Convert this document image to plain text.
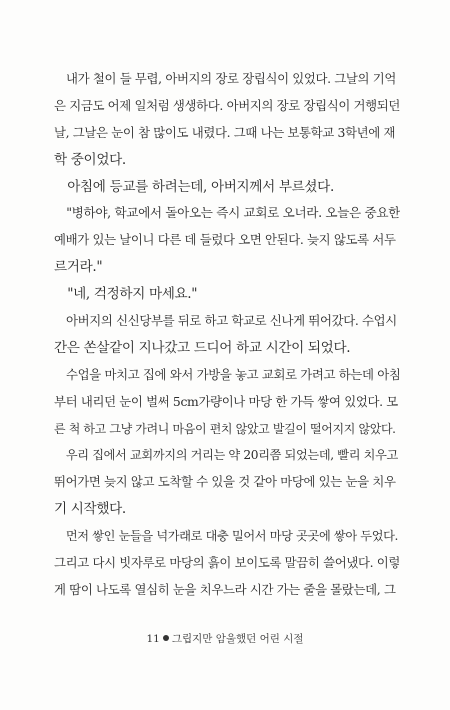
　내가 철이 들 무렵, 아버지의 장로 장립식이 있었다. 그날의 기억
은 지금도 어제 일처럼 생생하다. 아버지의 장로 장립식이 거행되던
날, 그날은 눈이 참 많이도 내렸다. 그때 나는 보통학교 3학년에 재
학 중이었다.
　아침에 등교를 하려는데, 아버지께서 부르셨다.
　"병하야, 학교에서 돌아오는 즉시 교회로 오너라. 오늘은 중요한
예배가 있는 날이니 다른 데 들렀다 오면 안된다. 늦지 않도록 서두
르거라."
　"네, 걱정하지 마세요."
　아버지의 신신당부를 뒤로 하고 학교로 신나게 뛰어갔다. 수업시
간은 쏜살같이 지나갔고 드디어 하교 시간이 되었다.
　수업을 마치고 집에 와서 가방을 놓고 교회로 가려고 하는데 아침
부터 내리던 눈이 벌써 5cm가량이나 마당 한 가득 쌓여 있었다. 모
른 척 하고 그냥 가려니 마음이 편치 않았고 발길이 떨어지지 않았다.
　우리 집에서 교회까지의 거리는 약 20리쯤 되었는데, 빨리 치우고
뛰어가면 늦지 않고 도착할 수 있을 것 같아 마당에 있는 눈을 치우
기 시작했다.
　먼저 쌓인 눈들을 넉가래로 대충 밀어서 마당 곳곳에 쌓아 두었다.
그리고 다시 빗자루로 마당의 흙이 보이도록 말끔히 쓸어냈다. 이렇
게 땀이 나도록 열심히 눈을 치우느라 시간 가는 줄을 몰랐는데, 그
11 그립지만 암울했던 어린 시절
